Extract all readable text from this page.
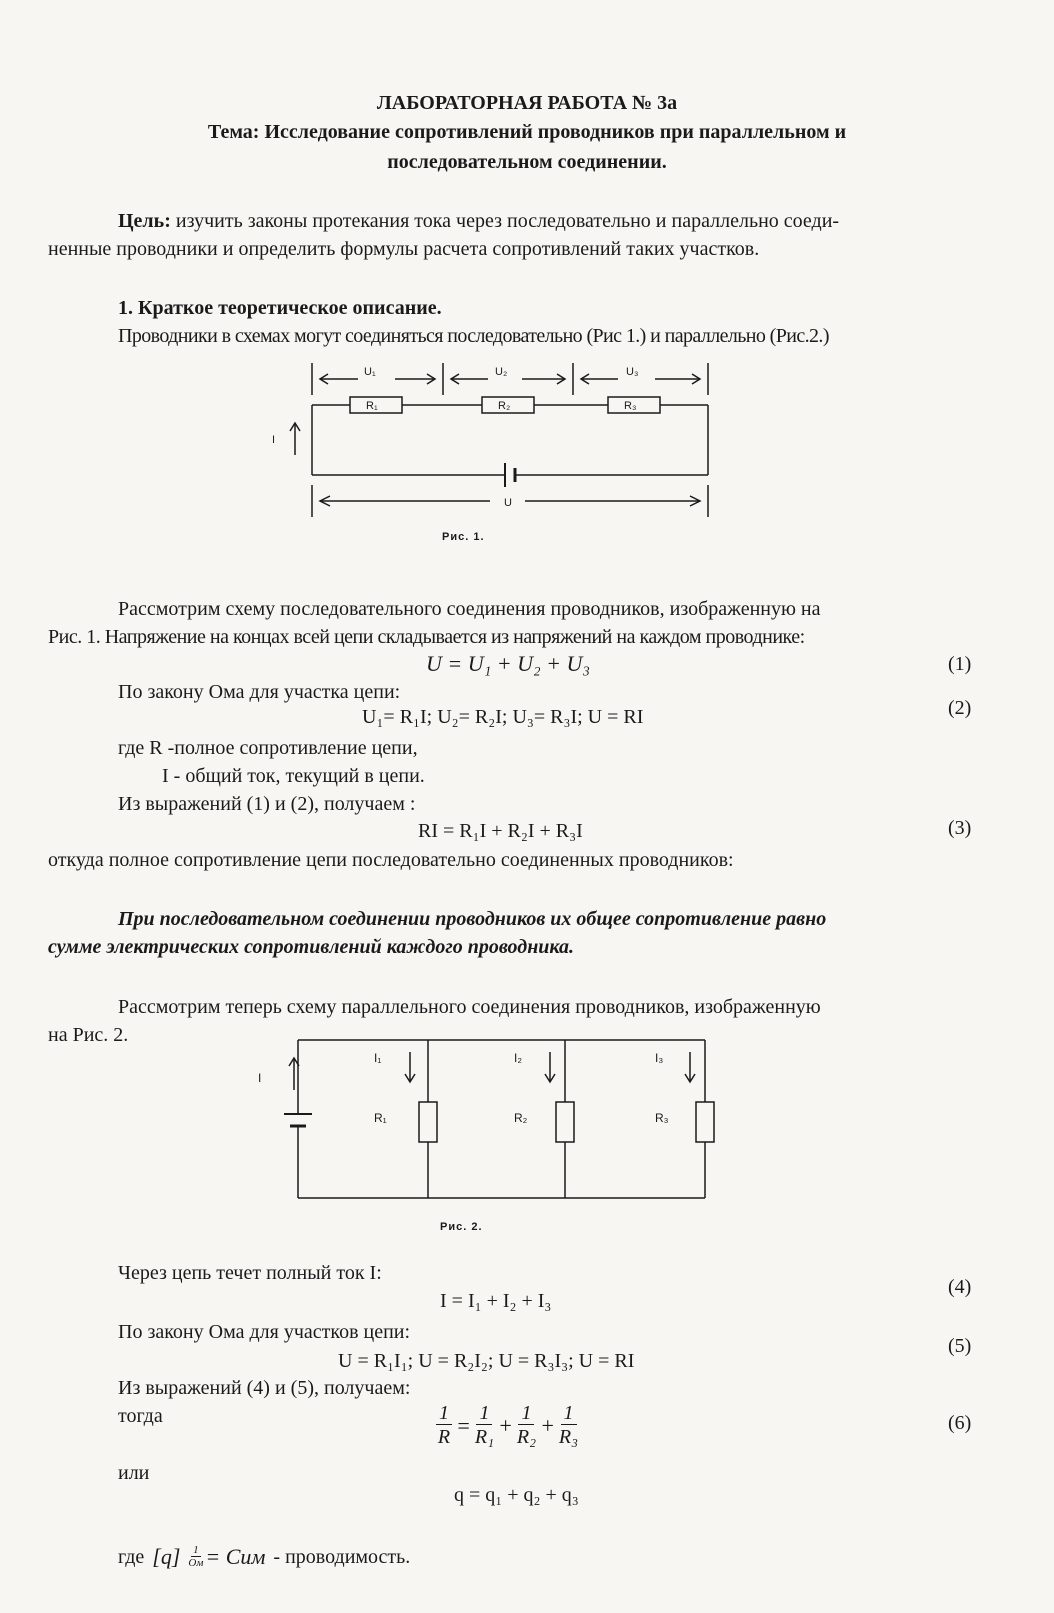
ЛАБОРАТОРНАЯ РАБОТА № 3а
Тема: Исследование сопротивлений проводников при параллельном и
последовательном соединении.
Цель: изучить законы протекания тока через последовательно и параллельно соеди-
ненные проводники и определить формулы расчета сопротивлений таких участков.
1. Краткое теоретическое описание.
Проводники в схемах могут соединяться последовательно (Рис 1.) и параллельно (Рис.2.)
U₁	U₂	U₃
R₁	R₂	R₃
I
U
Рис. 1.
Рассмотрим схему последовательного соединения проводников, изображенную на
Рис. 1. Напряжение на концах всей цепи складывается из напряжений на каждом проводнике:
U = U₁ + U₂ + U₃	(1)
По закону Ома для участка цепи:
U₁= R₁I; U₂= R₂I; U₃= R₃I; U = RI	(2)
где R -полное сопротивление цепи,
I - общий ток, текущий в цепи.
Из выражений (1) и (2), получаем :
RI = R₁I + R₂I + R₃I	(3)
откуда полное сопротивление цепи последовательно соединенных проводников:
При последовательном соединении проводников их общее сопротивление равно
сумме электрических сопротивлений каждого проводника.
Рассмотрим теперь схему параллельного соединения проводников, изображенную
на Рис. 2.
I
I₁	I₂	I₃
R₁	R₂	R₃
Рис. 2.
Через цепь течет полный ток I:
I = I₁ + I₂ + I₃
(4)
По закону Ома для участков цепи:
U = R₁I₁; U = R₂I₂; U = R₃I₃; U = RI
(5)
Из выражений (4) и (5), получаем:
тогда	$\frac{1}{R} = \frac{1}{\text{R₁}} + \frac{1}{\text{R₂}} + \frac{1}{\text{R₃}}$	(6)
или
q = q₁ + q₂ + q₃
где [q] 1
Ом = Сим - проводимость.
